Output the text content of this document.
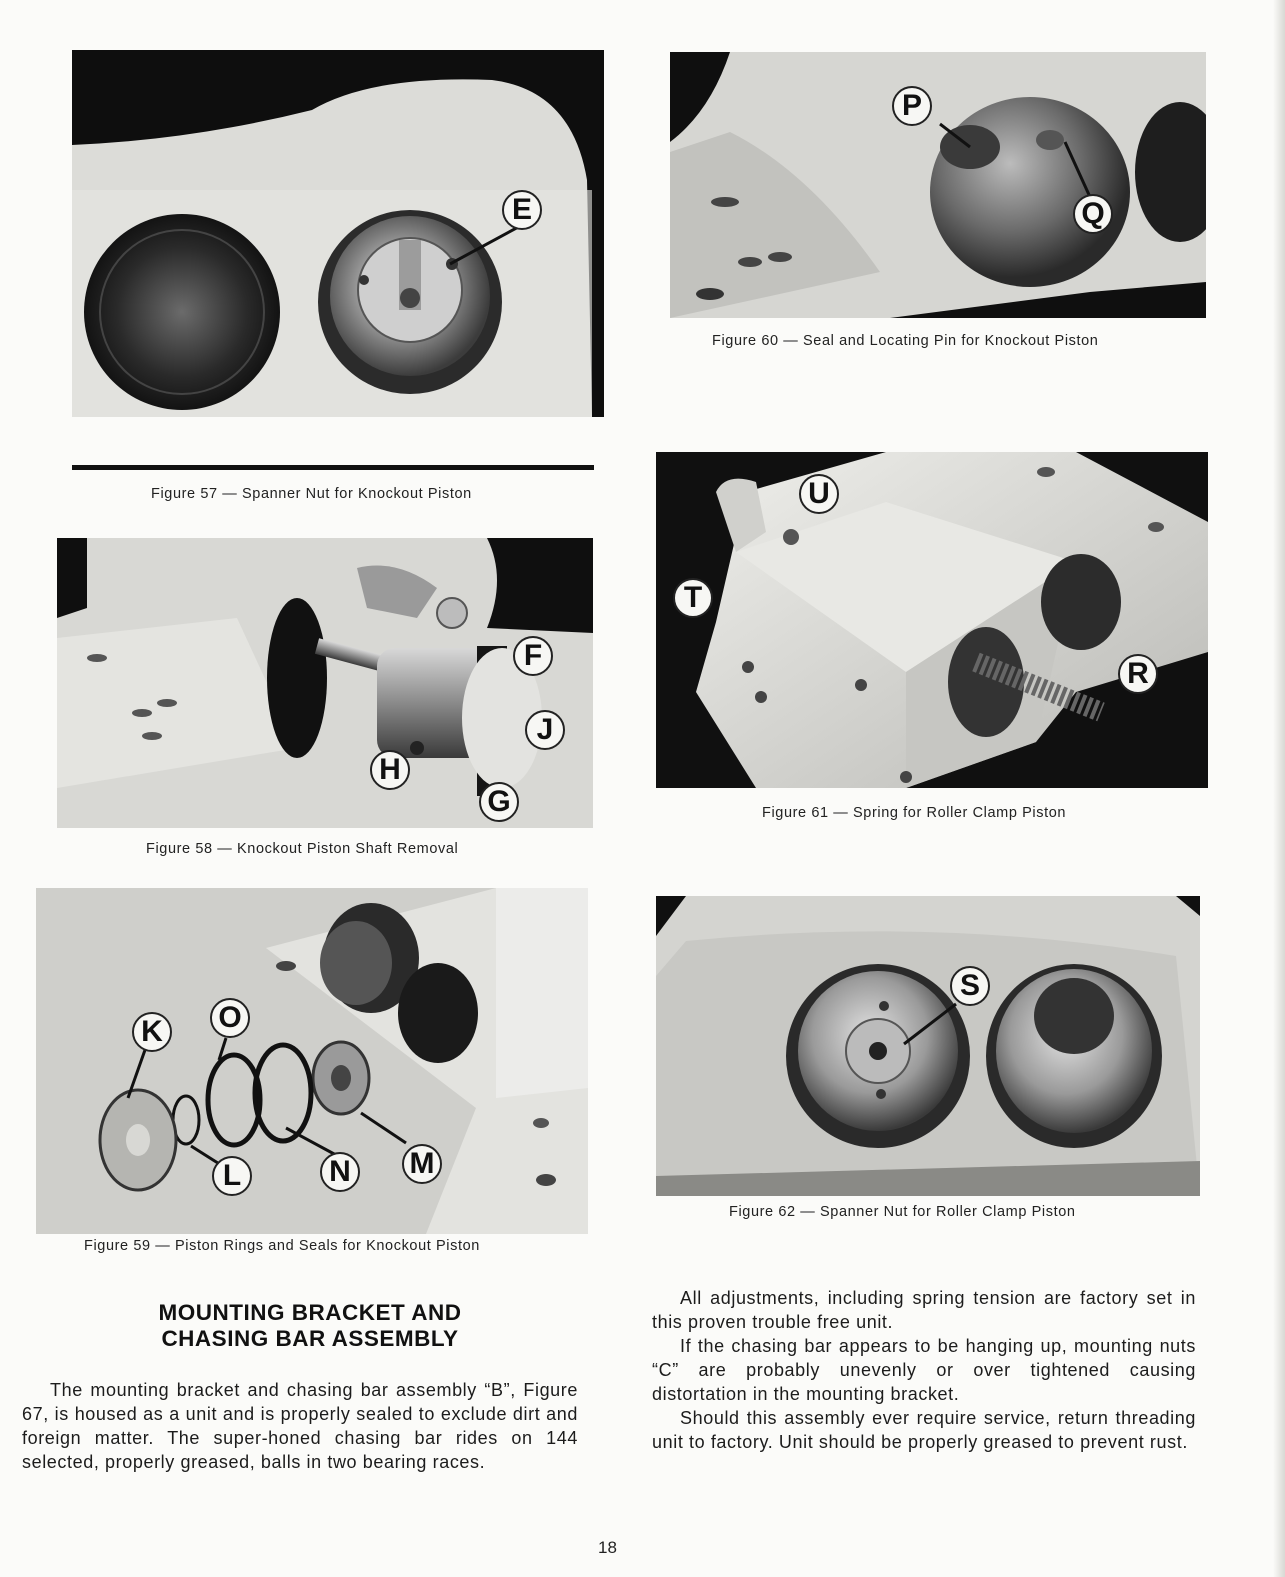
E
Figure 57 — Spanner Nut for Knockout Piston
P
Q
Figure 60 — Seal and Locating Pin for Knockout Piston
F
J
H
G
Figure 58 — Knockout Piston Shaft Removal
U
T
R
Figure 61 — Spring for Roller Clamp Piston
K	O
L	N	M
Figure 59 — Piston Rings and Seals for Knockout Piston
S
Figure 62 — Spanner Nut for Roller Clamp Piston
MOUNTING BRACKET AND
CHASING BAR ASSEMBLY

The mounting bracket and chasing bar assembly “B”, Figure 67, is housed as a unit and is properly sealed to exclude dirt and foreign matter. The super-honed chasing bar rides on 144 selected, properly greased, balls in two bearing races.

All adjustments, including spring tension are factory set in this proven trouble free unit.

If the chasing bar appears to be hanging up, mounting nuts “C” are probably unevenly or over tightened causing distortation in the mounting bracket.

Should this assembly ever require service, return threading unit to factory. Unit should be properly greased to prevent rust.

18
